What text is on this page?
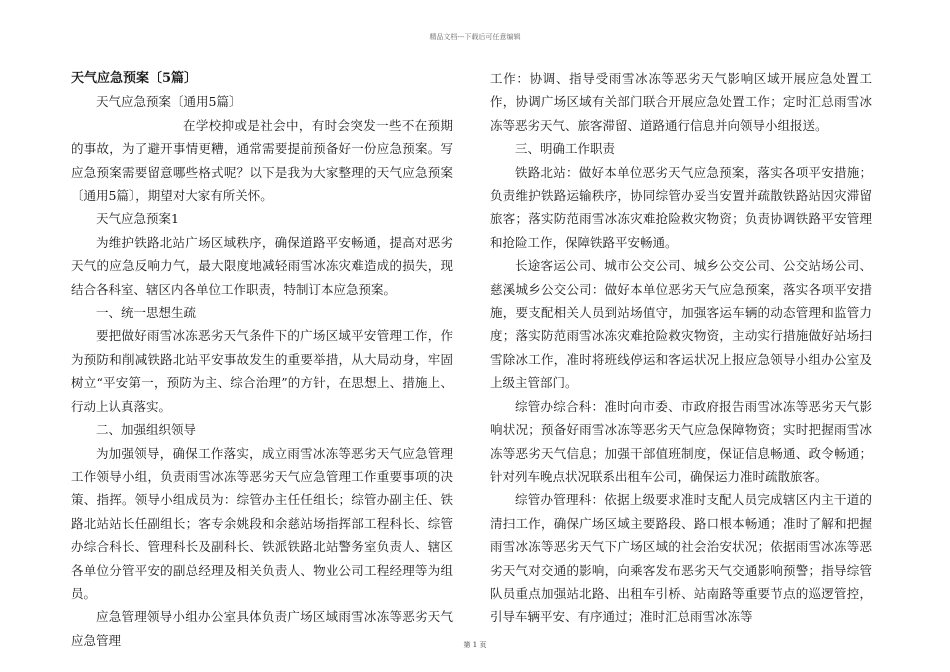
精品文档---下载后可任意编辑

天气应急预案〔5篇〕

天气应急预案〔通用5篇〕

在学校抑或是社会中，有时会突发一些不在预期的事故，为了避开事情更糟，通常需要提前预备好一份应急预案。写应急预案需要留意哪些格式呢？以下是我为大家整理的天气应急预案〔通用5篇〕，期望对大家有所关怀。

天气应急预案1

为维护铁路北站广场区域秩序，确保道路平安畅通，提高对恶劣天气的应急反响力气，最大限度地减轻雨雪冰冻灾难造成的损失，现结合各科室、辖区内各单位工作职责，特制订本应急预案。

一、统一思想生疏

要把做好雨雪冰冻恶劣天气条件下的广场区域平安管理工作，作为预防和削减铁路北站平安事故发生的重要举措，从大局动身，牢固树立“平安第一，预防为主、综合治理”的方针，在思想上、措施上、行动上认真落实。

二、加强组织领导

为加强领导，确保工作落实，成立雨雪冰冻等恶劣天气应急管理工作领导小组，负责雨雪冰冻等恶劣天气应急管理工作重要事项的决策、指挥。领导小组成员为：综管办主任任组长；综管办副主任、铁路北站站长任副组长；客专余姚段和余慈站场指挥部工程科长、综管办综合科长、管理科长及副科长、铁派铁路北站警务室负责人、辖区各单位分管平安的副总经理及相关负责人、物业公司工程经理等为组员。

应急管理领导小组办公室具体负责广场区域雨雪冰冻等恶劣天气应急管理

工作：协调、指导受雨雪冰冻等恶劣天气影响区域开展应急处置工作，协调广场区域有关部门联合开展应急处置工作；定时汇总雨雪冰冻等恶劣天气、旅客滞留、道路通行信息并向领导小组报送。

三、明确工作职责

铁路北站：做好本单位恶劣天气应急预案，落实各项平安措施；负责维护铁路运输秩序，协同综管办妥当安置并疏散铁路站因灾滞留旅客；落实防范雨雪冰冻灾难抢险救灾物资；负责协调铁路平安管理和抢险工作，保障铁路平安畅通。

长途客运公司、城市公交公司、城乡公交公司、公交站场公司、慈溪城乡公交公司：做好本单位恶劣天气应急预案，落实各项平安措施，要支配相关人员到站场值守，加强客运车辆的动态管理和监管力度；落实防范雨雪冰冻灾难抢险救灾物资，主动实行措施做好站场扫雪除冰工作，准时将班线停运和客运状况上报应急领导小组办公室及上级主管部门。

综管办综合科：准时向市委、市政府报告雨雪冰冻等恶劣天气影响状况；预备好雨雪冰冻等恶劣天气应急保障物资；实时把握雨雪冰冻等恶劣天气信息；加强干部值班制度，保证信息畅通、政令畅通；针对列车晚点状况联系出租车公司，确保运力准时疏散旅客。

综管办管理科：依据上级要求准时支配人员完成辖区内主干道的清扫工作，确保广场区域主要路段、路口根本畅通；准时了解和把握雨雪冰冻等恶劣天气下广场区域的社会治安状况；依据雨雪冰冻等恶劣天气对交通的影响，向乘客发布恶劣天气交通影响预警；指导综管队员重点加强站北路、出租车引桥、站南路等重要节点的巡逻管控，引导车辆平安、有序通过；准时汇总雨雪冰冻等

第 1 页
